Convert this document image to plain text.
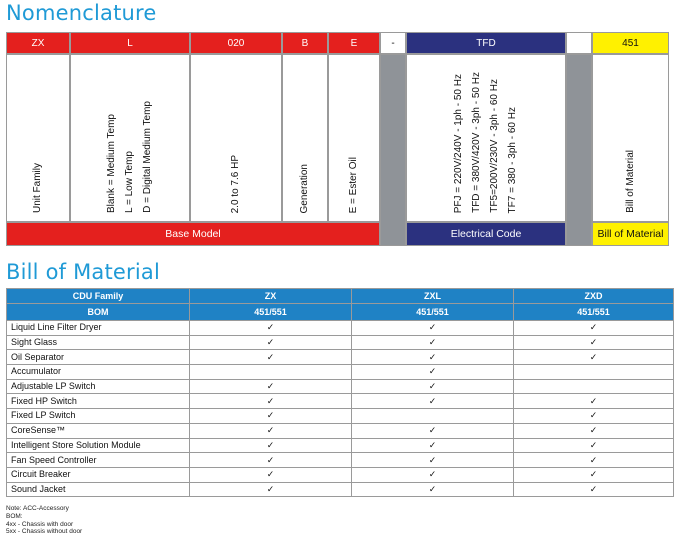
Nomenclature
ZX	L	020	B	E	-	TFD	451
Unit Family	Blank = Medium Temp L = Low Temp D = Digital Medium Temp	2.0 to 7.6 HP	Generation	E = Ester Oil	PFJ = 220V/240V - 1ph - 50 Hz TFD = 380V/420V - 3ph - 50 Hz TF5=200V/230V - 3ph - 60 Hz TF7 = 380 - 3ph - 60 Hz	Bill of Material
Base Model	Electrical Code	Bill of Material
Bill of Material
CDU Family	ZX	ZXL	ZXD
BOM	451/551	451/551	451/551
Liquid Line Filter Dryer	✓	✓	✓
Sight Glass	✓	✓	✓
Oil Separator	✓	✓	✓
Accumulator		✓	
Adjustable LP Switch	✓	✓	
Fixed HP Switch	✓	✓	✓
Fixed LP Switch	✓		✓
CoreSense™	✓	✓	✓
Intelligent Store Solution Module	✓	✓	✓
Fan Speed Controller	✓	✓	✓
Circuit Breaker	✓	✓	✓
Sound Jacket	✓	✓	✓
Note: ACC-Accessory
BOM:
4xx - Chassis with door
5xx - Chassis without door
